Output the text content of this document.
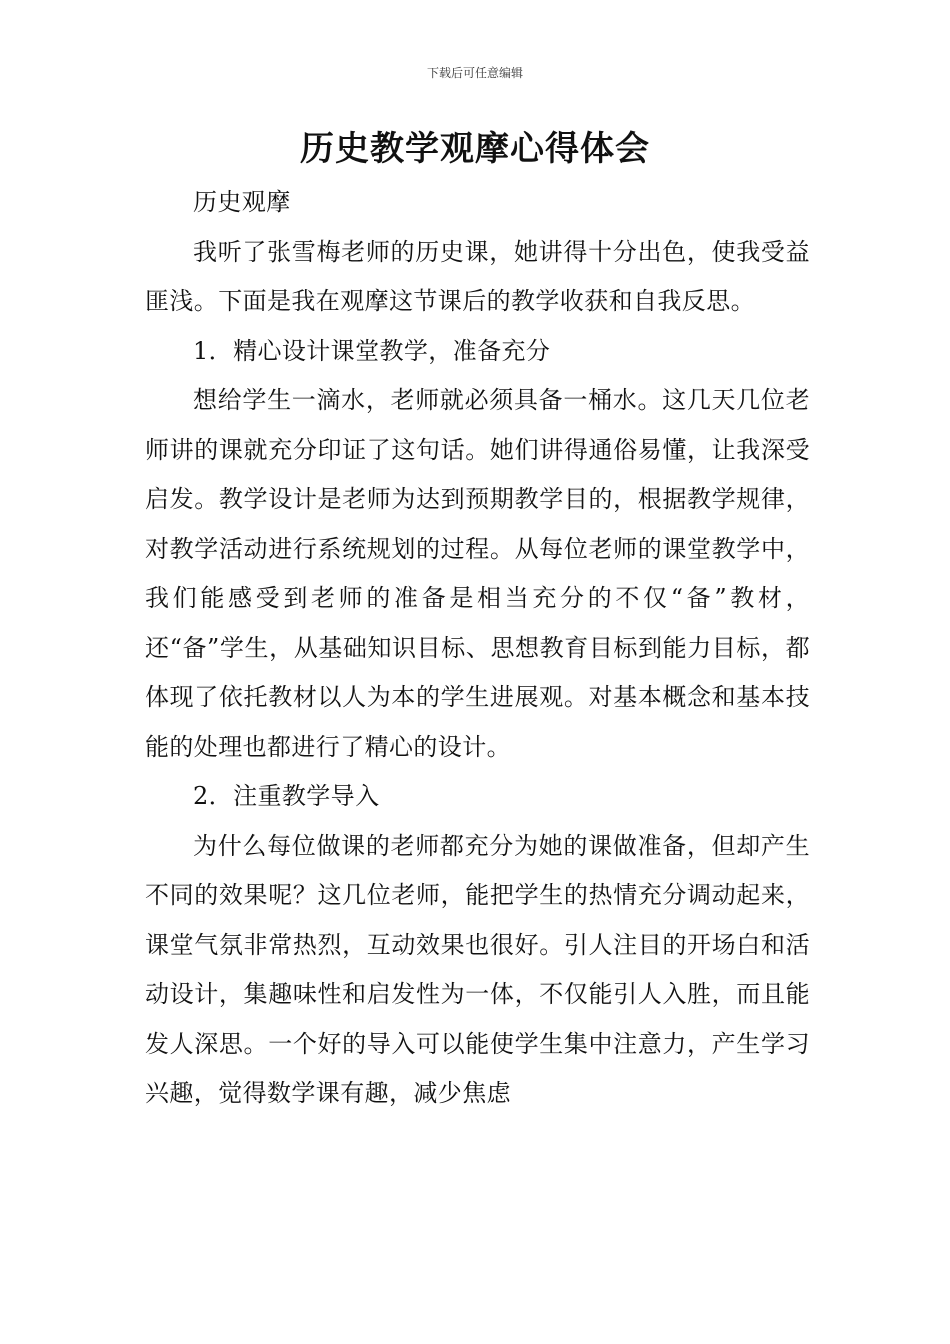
下载后可任意编辑
历史教学观摩心得体会

历史观摩

我听了张雪梅老师的历史课，她讲得十分出色，使我受益匪浅。下面是我在观摩这节课后的教学收获和自我反思。

1．精心设计课堂教学，准备充分

想给学生一滴水，老师就必须具备一桶水。这几天几位老师讲的课就充分印证了这句话。她们讲得通俗易懂，让我深受启发。教学设计是老师为达到预期教学目的，根据教学规律，对教学活动进行系统规划的过程。从每位老师的课堂教学中，我们能感受到老师的准备是相当充分的不仅“备”教材，还“备”学生，从基础知识目标、思想教育目标到能力目标，都体现了依托教材以人为本的学生进展观。对基本概念和基本技能的处理也都进行了精心的设计。

2．注重教学导入

为什么每位做课的老师都充分为她的课做准备，但却产生不同的效果呢？这几位老师，能把学生的热情充分调动起来，课堂气氛非常热烈，互动效果也很好。引人注目的开场白和活动设计，集趣味性和启发性为一体，不仅能引人入胜，而且能发人深思。一个好的导入可以能使学生集中注意力，产生学习兴趣，觉得数学课有趣，减少焦虑
